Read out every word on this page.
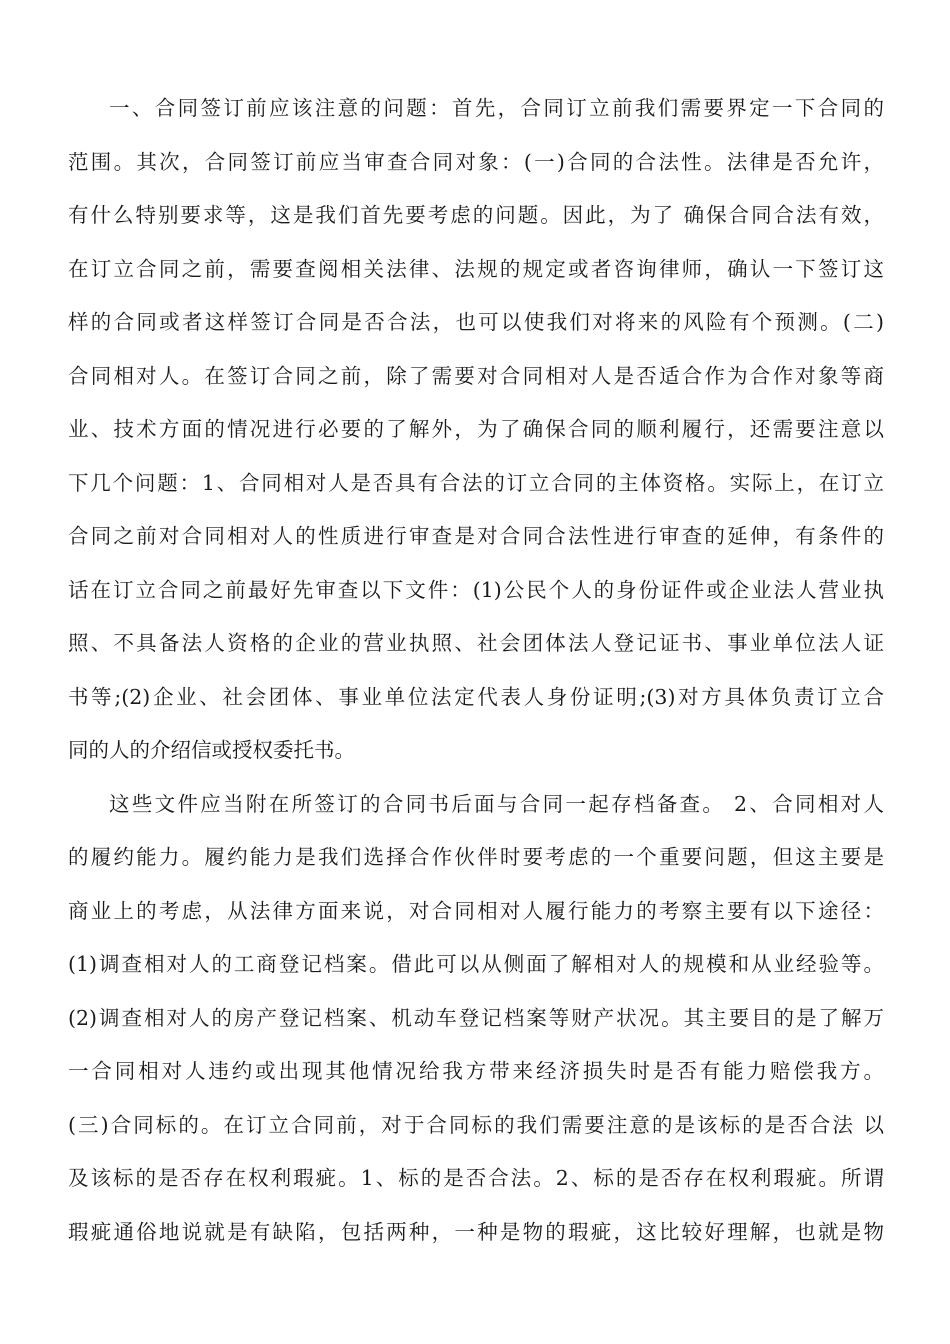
一、合同签订前应该注意的问题：首先，合同订立前我们需要界定一下合同的
范围。其次，合同签订前应当审查合同对象：(一)合同的合法性。法律是否允许，
有什么特别要求等，这是我们首先要考虑的问题。因此，为了 确保合同合法有效，
在订立合同之前，需要查阅相关法律、法规的规定或者咨询律师，确认一下签订这
样的合同或者这样签订合同是否合法，也可以使我们对将来的风险有个预测。(二)
合同相对人。在签订合同之前，除了需要对合同相对人是否适合作为合作对象等商
业、技术方面的情况进行必要的了解外，为了确保合同的顺利履行，还需要注意以
下几个问题：1、合同相对人是否具有合法的订立合同的主体资格。实际上，在订立
合同之前对合同相对人的性质进行审查是对合同合法性进行审查的延伸，有条件的
话在订立合同之前最好先审查以下文件：(1)公民个人的身份证件或企业法人营业执
照、不具备法人资格的企业的营业执照、社会团体法人登记证书、事业单位法人证
书等;(2)企业、社会团体、事业单位法定代表人身份证明;(3)对方具体负责订立合
同的人的介绍信或授权委托书。
这些文件应当附在所签订的合同书后面与合同一起存档备查。 2、合同相对人
的履约能力。履约能力是我们选择合作伙伴时要考虑的一个重要问题，但这主要是
商业上的考虑，从法律方面来说，对合同相对人履行能力的考察主要有以下途径：
(1)调查相对人的工商登记档案。借此可以从侧面了解相对人的规模和从业经验等。
(2)调查相对人的房产登记档案、机动车登记档案等财产状况。其主要目的是了解万
一合同相对人违约或出现其他情况给我方带来经济损失时是否有能力赔偿我方。
(三)合同标的。在订立合同前，对于合同标的我们需要注意的是该标的是否合法 以
及该标的是否存在权利瑕疵。1、标的是否合法。2、标的是否存在权利瑕疵。所谓
瑕疵通俗地说就是有缺陷，包括两种，一种是物的瑕疵，这比较好理解，也就是物
